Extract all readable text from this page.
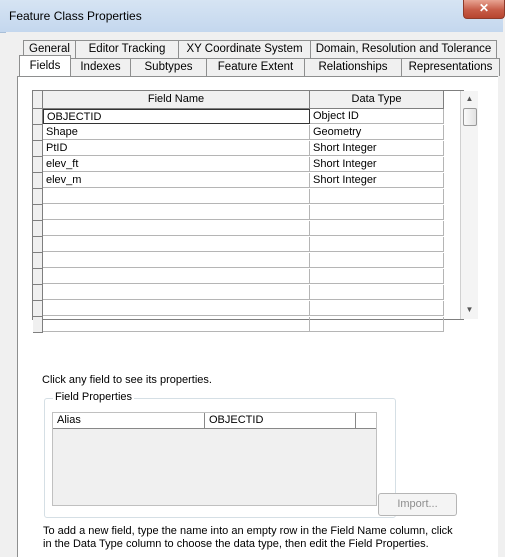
Feature Class Properties
✕
General	Editor Tracking	XY Coordinate System	Domain, Resolution and Tolerance
Fields	Indexes	Subtypes	Feature Extent	Relationships	Representations
Field Name	Data Type
OBJECTID	Object ID
Shape	Geometry
PtID	Short Integer
elev_ft	Short Integer
elev_m	Short Integer
▲
▼
Click any field to see its properties.
Field Properties
Alias	OBJECTID
Import...
To add a new field, type the name into an empty row in the Field Name column, click in the Data Type column to choose the data type, then edit the Field Properties.
